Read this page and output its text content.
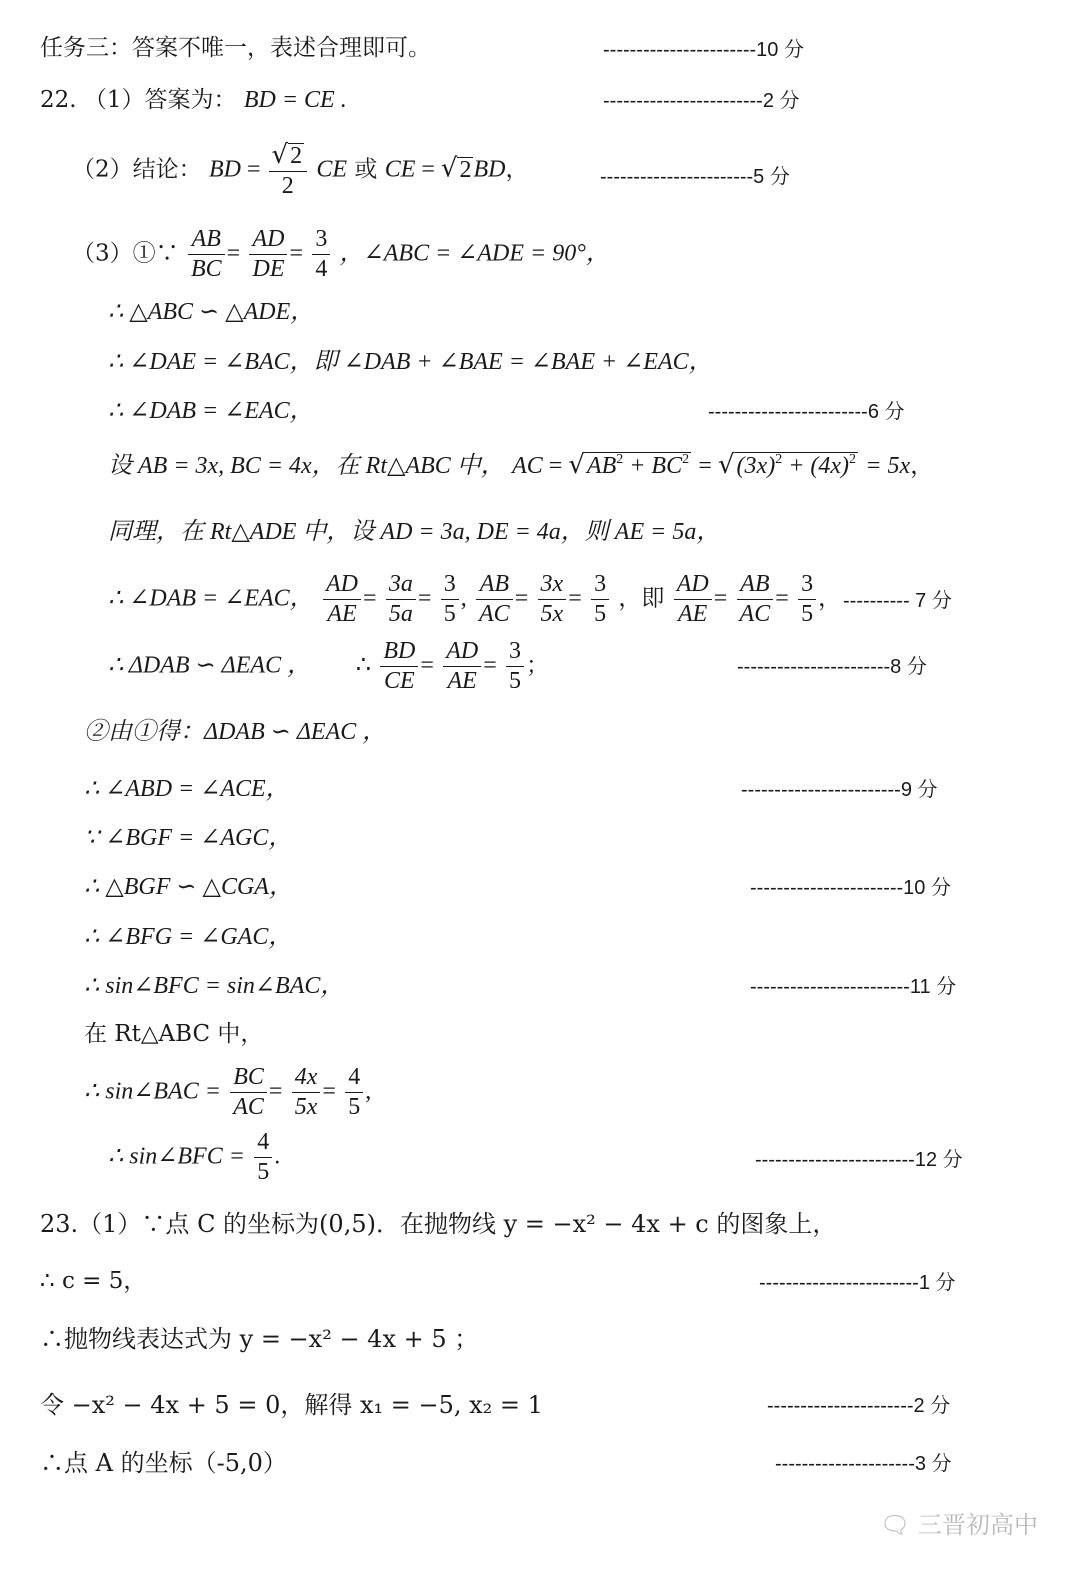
任务三：答案不唯一，表述合理即可。	-----------------------10 分
22. （1）答案为： BD = CE .	------------------------2 分
（2）结论： BD = $\frac{√2}{2}$ CE 或 CE = √2BD，	-----------------------5 分
（3）①∵ $\frac{AB}{BC} = \frac{AD}{DE} = \frac{3}{4}$ ，∠ABC = ∠ADE = 90°，
∴ △ABC ∽ △ADE，
∴ ∠DAE = ∠BAC，即 ∠DAB + ∠BAE = ∠BAE + ∠EAC，
∴ ∠DAB = ∠EAC，	------------------------6 分
设 AB = 3x, BC = 4x，在 Rt△ABC 中， AC = $√AB^2 + BC^2 = √(3x)^2 + (4x)^2 = 5x$，
同理，在 Rt△ADE 中，设 AD = 3a, DE = 4a，则 AE = 5a，
∴ ∠DAB = ∠EAC， $\frac{AD}{AE} = \frac{3a}{5a} = \frac{3}{5}$ , $\frac{AB}{AC} = \frac{3x}{5x} = \frac{3}{5}$ ，即 $\frac{AD}{AE} = \frac{AB}{AC} = \frac{3}{5}$ ， ---------- 7 分
∴ ΔDAB ∽ ΔEAC ， ∴ $\frac{BD}{CE} = \frac{AD}{AE} = \frac{3}{5}$ ；	-----------------------8 分
②由①得：ΔDAB ∽ ΔEAC ，
∴ ∠ABD = ∠ACE，	------------------------9 分
∵ ∠BGF = ∠AGC，
∴ △BGF ∽ △CGA，	-----------------------10 分
∴ ∠BFG = ∠GAC，
∴ sin∠BFC = sin∠BAC，	------------------------11 分
在 Rt△ABC 中，
∴ sin∠BAC = $\frac{BC}{AC} = \frac{4x}{5x} = \frac{4}{5}$ ,
∴ sin∠BFC = $\frac{4}{5}$ .	------------------------12 分
23.（1）∵点 C 的坐标为(0,5)．在抛物线 y = −x² − 4x + c 的图象上，
∴ c = 5，	------------------------1 分
∴抛物线表达式为 y = −x² − 4x + 5 ；
令 −x² − 4x + 5 = 0，解得 x₁ = −5, x₂ = 1	----------------------2 分
∴点 A 的坐标（-5,0）	---------------------3 分
🗨 三晋初高中
